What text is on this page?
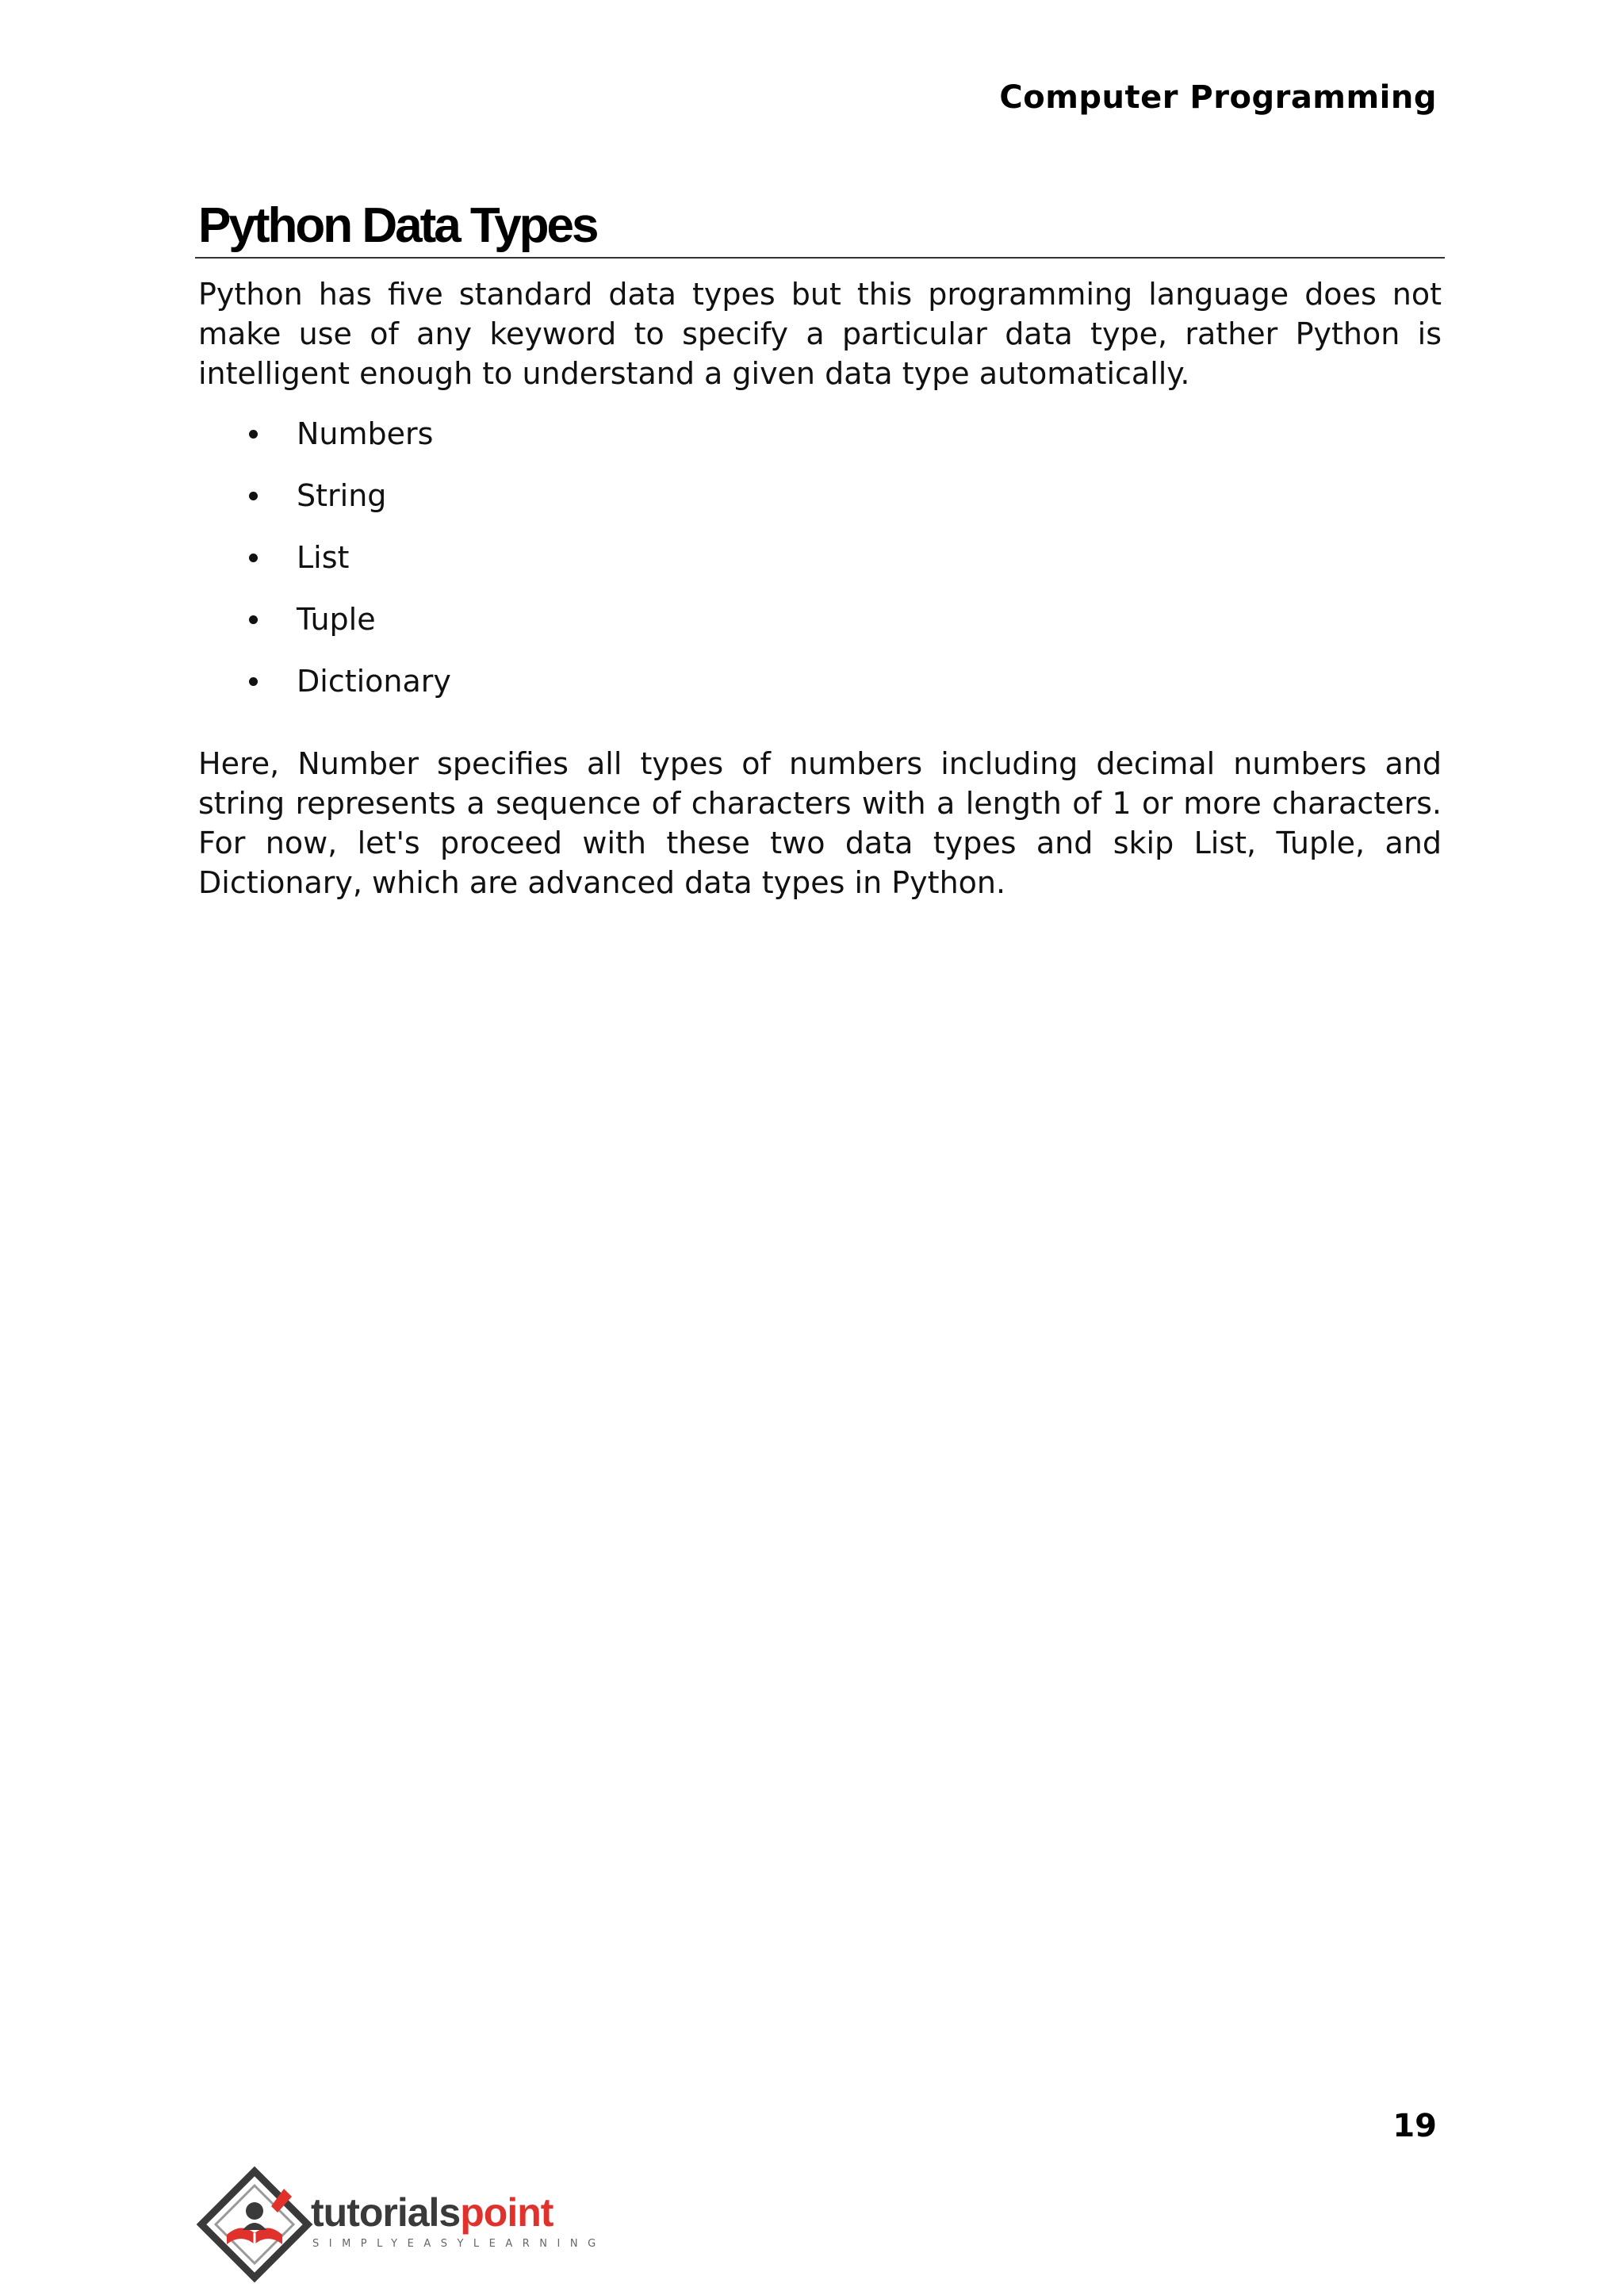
Computer Programming

Python Data Types

Python has five standard data types but this programming language does not make use of any keyword to specify a particular data type, rather Python is intelligent enough to understand a given data type automatically.

Numbers
String
List
Tuple
Dictionary

Here, Number specifies all types of numbers including decimal numbers and string represents a sequence of characters with a length of 1 or more characters. For now, let's proceed with these two data types and skip List, Tuple, and Dictionary, which are advanced data types in Python.

19

tutorialspoint
SIMPLYEASYLEARNING
